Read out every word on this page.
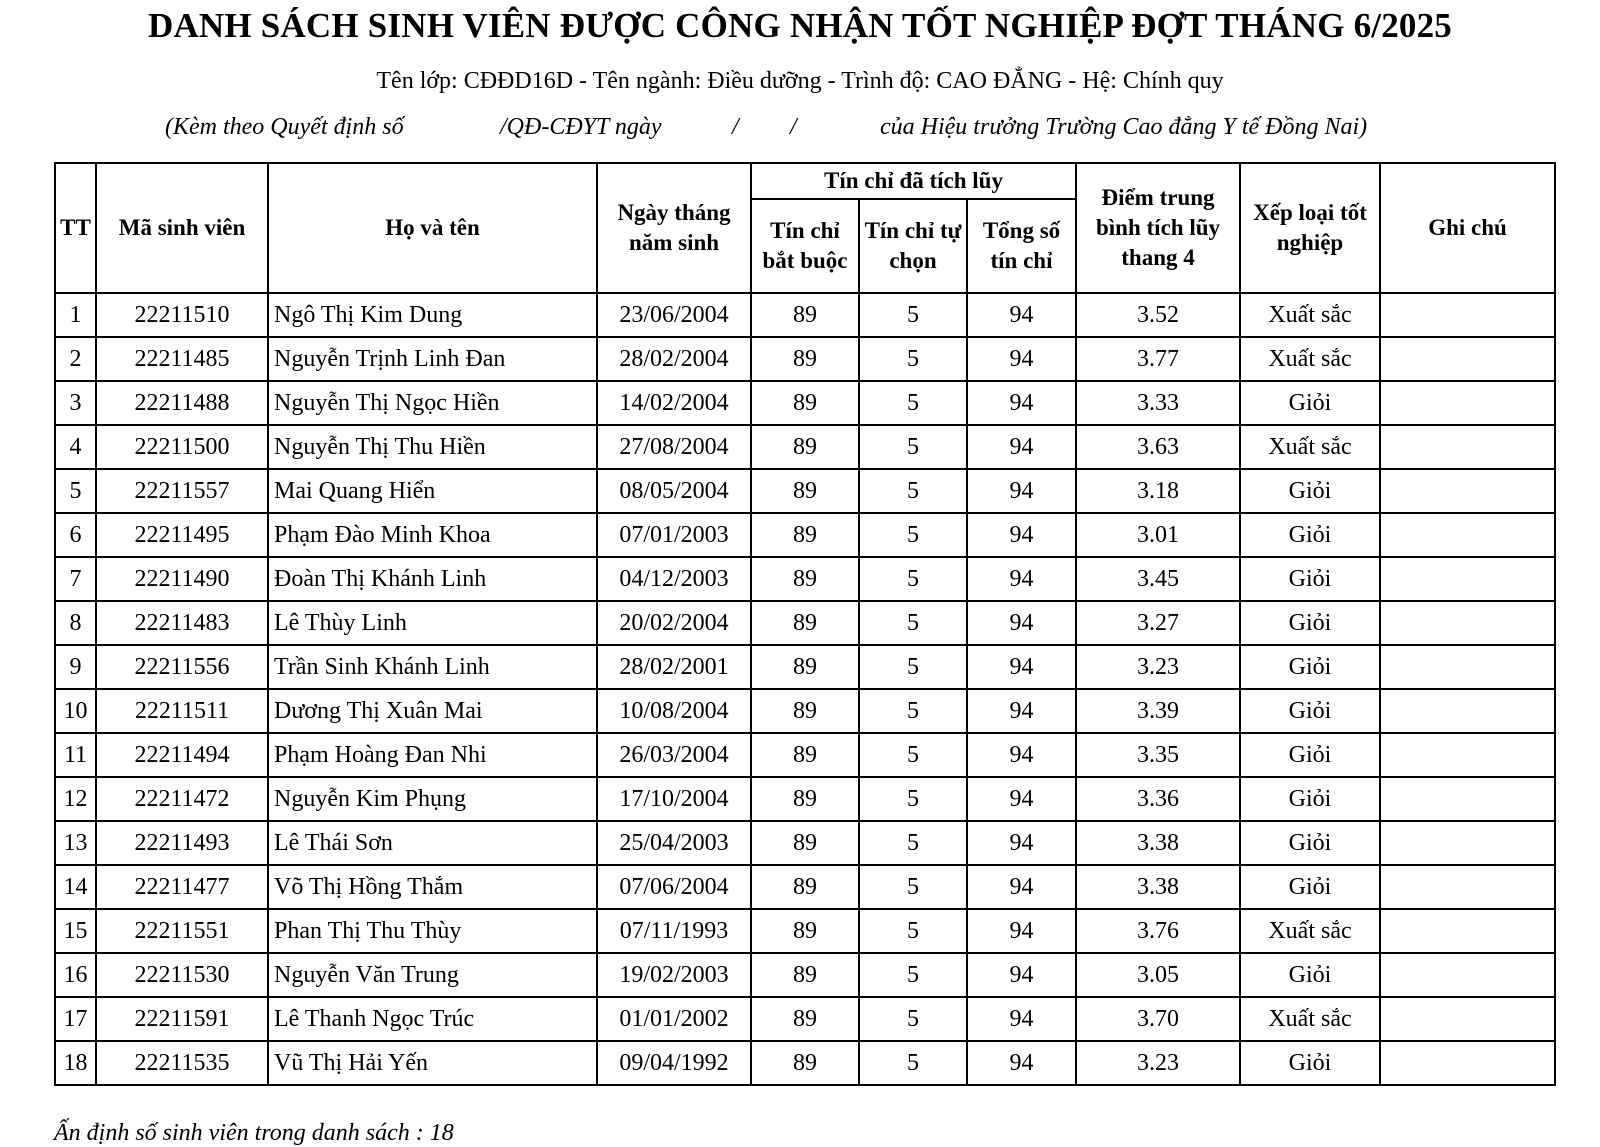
DANH SÁCH SINH VIÊN ĐƯỢC CÔNG NHẬN TỐT NGHIỆP ĐỢT THÁNG 6/2025
Tên lớp: CĐĐD16D - Tên ngành: Điều dưỡng - Trình độ: CAO ĐẲNG - Hệ: Chính quy
(Kèm theo Quyết định số	/QĐ-CĐYT ngày	/ /	của Hiệu trưởng Trường Cao đẳng Y tế Đồng Nai)
TT	Mã sinh viên	Họ và tên	Ngày tháng năm sinh	Tín chỉ đã tích lũy			Điểm trung bình tích lũy thang 4	Xếp loại tốt nghiệp	Ghi chú
				Tín chỉ bắt buộc	Tín chỉ tự chọn	Tổng số tín chỉ			
1	22211510	Ngô Thị Kim Dung	23/06/2004	89	5	94	3.52	Xuất sắc	
2	22211485	Nguyễn Trịnh Linh Đan	28/02/2004	89	5	94	3.77	Xuất sắc	
3	22211488	Nguyễn Thị Ngọc Hiền	14/02/2004	89	5	94	3.33	Giỏi	
4	22211500	Nguyễn Thị Thu Hiền	27/08/2004	89	5	94	3.63	Xuất sắc	
5	22211557	Mai Quang Hiển	08/05/2004	89	5	94	3.18	Giỏi	
6	22211495	Phạm Đào Minh Khoa	07/01/2003	89	5	94	3.01	Giỏi	
7	22211490	Đoàn Thị Khánh Linh	04/12/2003	89	5	94	3.45	Giỏi	
8	22211483	Lê Thùy Linh	20/02/2004	89	5	94	3.27	Giỏi	
9	22211556	Trần Sinh Khánh Linh	28/02/2001	89	5	94	3.23	Giỏi	
10	22211511	Dương Thị Xuân Mai	10/08/2004	89	5	94	3.39	Giỏi	
11	22211494	Phạm Hoàng Đan Nhi	26/03/2004	89	5	94	3.35	Giỏi	
12	22211472	Nguyễn Kim Phụng	17/10/2004	89	5	94	3.36	Giỏi	
13	22211493	Lê Thái Sơn	25/04/2003	89	5	94	3.38	Giỏi	
14	22211477	Võ Thị Hồng Thắm	07/06/2004	89	5	94	3.38	Giỏi	
15	22211551	Phan Thị Thu Thùy	07/11/1993	89	5	94	3.76	Xuất sắc	
16	22211530	Nguyễn Văn Trung	19/02/2003	89	5	94	3.05	Giỏi	
17	22211591	Lê Thanh Ngọc Trúc	01/01/2002	89	5	94	3.70	Xuất sắc	
18	22211535	Vũ Thị Hải Yến	09/04/1992	89	5	94	3.23	Giỏi	
Ấn định số sinh viên trong danh sách : 18
